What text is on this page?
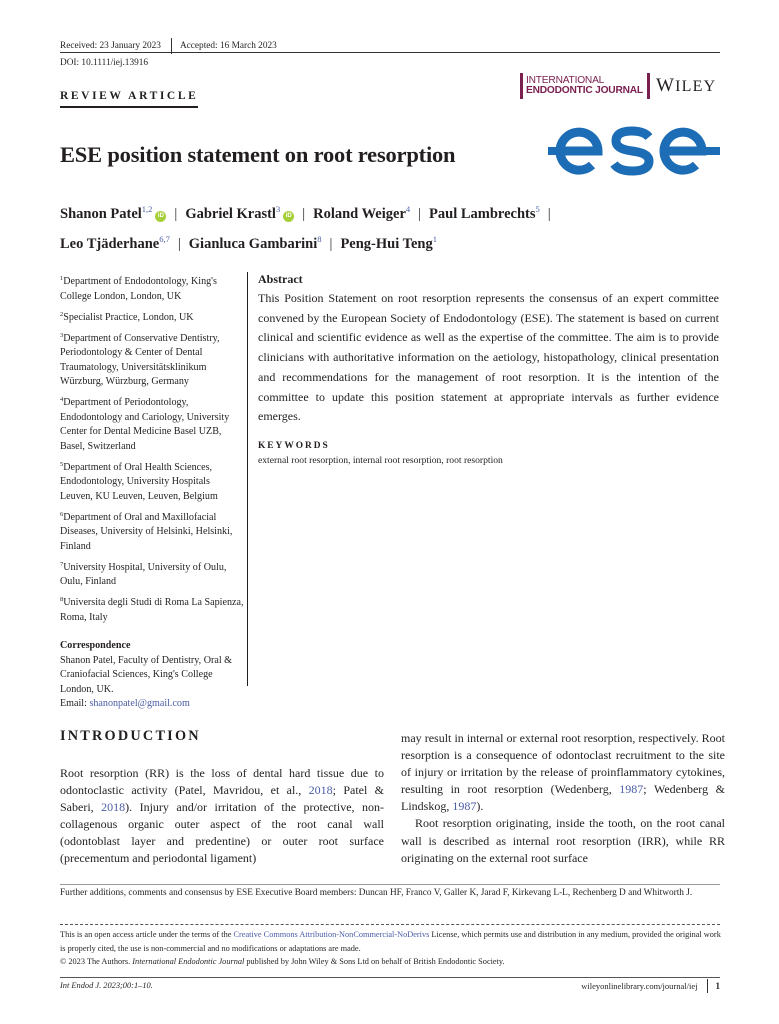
Received: 23 January 2023 Accepted: 16 March 2023
DOI: 10.1111/iej.13916
REVIEW ARTICLE
INTERNATIONAL
ENDODONTIC JOURNAL WILEY
ESE position statement on root resorption
Shanon Patel$^{1,2}$iD | Gabriel Krastl$^3$iD | Roland Weiger$^4$ | Paul Lambrechts$^5$ |
Leo Tjäderhane$^{6,7}$ | Gianluca Gambarini$^8$ | Peng-Hui Teng$^1$

$^1$Department of Endodontology, King's College London, London, UK

$^2$Specialist Practice, London, UK

$^3$Department of Conservative Dentistry, Periodontology & Center of Dental Traumatology, Universitätsklinikum Würzburg, Würzburg, Germany

$^4$Department of Periodontology, Endodontology and Cariology, University Center for Dental Medicine Basel UZB, Basel, Switzerland

$^5$Department of Oral Health Sciences, Endodontology, University Hospitals Leuven, KU Leuven, Leuven, Belgium

$^6$Department of Oral and Maxillofacial Diseases, University of Helsinki, Helsinki, Finland

$^7$University Hospital, University of Oulu, Oulu, Finland

$^8$Universita degli Studi di Roma La Sapienza, Roma, Italy

Correspondence
Shanon Patel, Faculty of Dentistry, Oral & Craniofacial Sciences, King's College London, UK.
Email: shanonpatel@gmail.com
Abstract
This Position Statement on root resorption represents the consensus of an expert committee convened by the European Society of Endodontology (ESE). The statement is based on current clinical and scientific evidence as well as the expertise of the committee. The aim is to provide clinicians with authoritative information on the aetiology, histopathology, clinical presentation and recommendations for the management of root resorption. It is the intention of the committee to update this position statement at appropriate intervals as further evidence emerges.
KEYWORDS
external root resorption, internal root resorption, root resorption
INTRODUCTION

Root resorption (RR) is the loss of dental hard tissue due to odontoclastic activity (Patel, Mavridou, et al., 2018; Patel & Saberi, 2018). Injury and/or irritation of the protective, non-collagenous organic outer aspect of the root canal wall (odontoblast layer and predentine) or outer root surface (precementum and periodontal ligament)

may result in internal or external root resorption, respectively. Root resorption is a consequence of odontoclast recruitment to the site of injury or irritation by the release of proinflammatory cytokines, resulting in root resorption (Wedenberg, 1987; Wedenberg & Lindskog, 1987).

Root resorption originating, inside the tooth, on the root canal wall is described as internal root resorption (IRR), while RR originating on the external root surface

Further additions, comments and consensus by ESE Executive Board members: Duncan HF, Franco V, Galler K, Jarad F, Kirkevang L-L, Rechenberg D and Whitworth J.
This is an open access article under the terms of the Creative Commons Attribution-NonCommercial-NoDerivs License, which permits use and distribution in any medium, provided the original work is properly cited, the use is non-commercial and no modifications or adaptations are made.
© 2023 The Authors. International Endodontic Journal published by John Wiley & Sons Ltd on behalf of British Endodontic Society.
Int Endod J. 2023;00:1–10.	wileyonlinelibrary.com/journal/iej 1
